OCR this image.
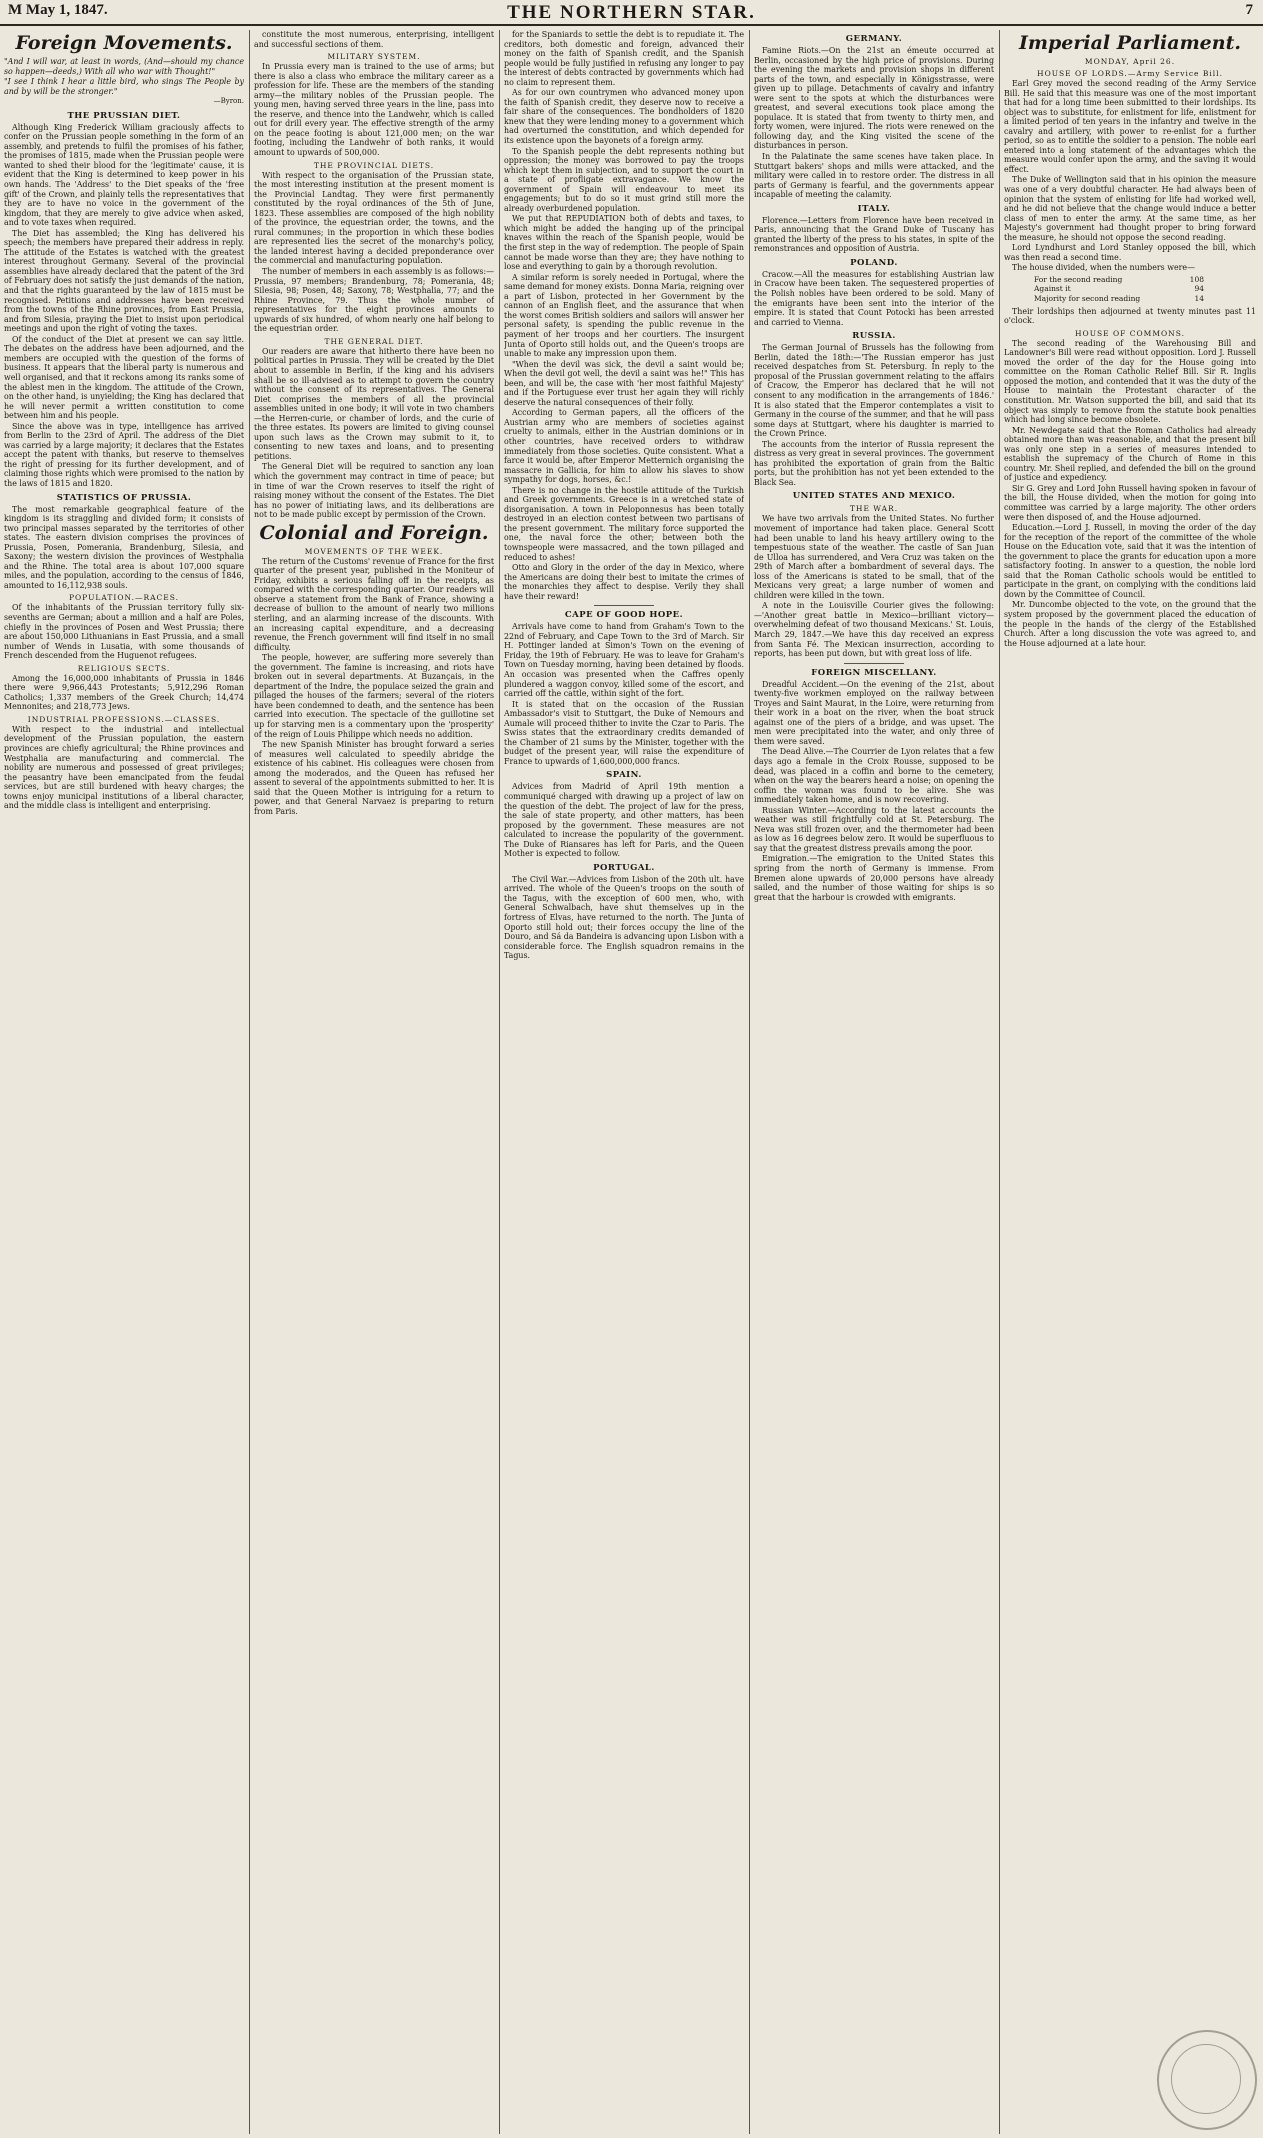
M May 1, 1847.	THE NORTHERN STAR.	7
Foreign Movements.

"And I will war, at least in words, (And—should my chance so happen—deeds,) With all who war with Thought!"

"I see I think I hear a little bird, who sings The People by and by will be the stronger."

—Byron.

THE PRUSSIAN DIET.

Although King Frederick William graciously affects to confer on the Prussian people something in the form of an assembly, and pretends to fulfil the promises of his father, the promises of 1815, made when the Prussian people were wanted to shed their blood for the 'legitimate' cause, it is evident that the King is determined to keep power in his own hands. The 'Address' to the Diet speaks of the 'free gift' of the Crown, and plainly tells the representatives that they are to have no voice in the government of the kingdom, that they are merely to give advice when asked, and to vote taxes when required.

The Diet has assembled; the King has delivered his speech; the members have prepared their address in reply. The attitude of the Estates is watched with the greatest interest throughout Germany. Several of the provincial assemblies have already declared that the patent of the 3rd of February does not satisfy the just demands of the nation, and that the rights guaranteed by the law of 1815 must be recognised. Petitions and addresses have been received from the towns of the Rhine provinces, from East Prussia, and from Silesia, praying the Diet to insist upon periodical meetings and upon the right of voting the taxes.

Of the conduct of the Diet at present we can say little. The debates on the address have been adjourned, and the members are occupied with the question of the forms of business. It appears that the liberal party is numerous and well organised, and that it reckons among its ranks some of the ablest men in the kingdom. The attitude of the Crown, on the other hand, is unyielding; the King has declared that he will never permit a written constitution to come between him and his people.

Since the above was in type, intelligence has arrived from Berlin to the 23rd of April. The address of the Diet was carried by a large majority; it declares that the Estates accept the patent with thanks, but reserve to themselves the right of pressing for its further development, and of claiming those rights which were promised to the nation by the laws of 1815 and 1820.

STATISTICS OF PRUSSIA.

The most remarkable geographical feature of the kingdom is its straggling and divided form; it consists of two principal masses separated by the territories of other states. The eastern division comprises the provinces of Prussia, Posen, Pomerania, Brandenburg, Silesia, and Saxony; the western division the provinces of Westphalia and the Rhine. The total area is about 107,000 square miles, and the population, according to the census of 1846, amounted to 16,112,938 souls.

POPULATION.—RACES.

Of the inhabitants of the Prussian territory fully six-sevenths are German; about a million and a half are Poles, chiefly in the provinces of Posen and West Prussia; there are about 150,000 Lithuanians in East Prussia, and a small number of Wends in Lusatia, with some thousands of French descended from the Huguenot refugees.

RELIGIOUS SECTS.

Among the 16,000,000 inhabitants of Prussia in 1846 there were 9,966,443 Protestants; 5,912,296 Roman Catholics; 1,337 members of the Greek Church; 14,474 Mennonites; and 218,773 Jews.

INDUSTRIAL PROFESSIONS.—CLASSES.

With respect to the industrial and intellectual development of the Prussian population, the eastern provinces are chiefly agricultural; the Rhine provinces and Westphalia are manufacturing and commercial. The nobility are numerous and possessed of great privileges; the peasantry have been emancipated from the feudal services, but are still burdened with heavy charges; the towns enjoy municipal institutions of a liberal character, and the middle class is intelligent and enterprising.

constitute the most numerous, enterprising, intelligent and successful sections of them.

MILITARY SYSTEM.

In Prussia every man is trained to the use of arms; but there is also a class who embrace the military career as a profession for life. These are the members of the standing army—the military nobles of the Prussian people. The young men, having served three years in the line, pass into the reserve, and thence into the Landwehr, which is called out for drill every year. The effective strength of the army on the peace footing is about 121,000 men; on the war footing, including the Landwehr of both ranks, it would amount to upwards of 500,000.

THE PROVINCIAL DIETS.

With respect to the organisation of the Prussian state, the most interesting institution at the present moment is the Provincial Landtag. They were first permanently constituted by the royal ordinances of the 5th of June, 1823. These assemblies are composed of the high nobility of the province, the equestrian order, the towns, and the rural communes; in the proportion in which these bodies are represented lies the secret of the monarchy's policy, the landed interest having a decided preponderance over the commercial and manufacturing population.

The number of members in each assembly is as follows:—Prussia, 97 members; Brandenburg, 78; Pomerania, 48; Silesia, 98; Posen, 48; Saxony, 78; Westphalia, 77; and the Rhine Province, 79. Thus the whole number of representatives for the eight provinces amounts to upwards of six hundred, of whom nearly one half belong to the equestrian order.

THE GENERAL DIET.

Our readers are aware that hitherto there have been no political parties in Prussia. They will be created by the Diet about to assemble in Berlin, if the king and his advisers shall be so ill-advised as to attempt to govern the country without the consent of its representatives. The General Diet comprises the members of all the provincial assemblies united in one body; it will vote in two chambers—the Herren-curie, or chamber of lords, and the curie of the three estates. Its powers are limited to giving counsel upon such laws as the Crown may submit to it, to consenting to new taxes and loans, and to presenting petitions.

The General Diet will be required to sanction any loan which the government may contract in time of peace; but in time of war the Crown reserves to itself the right of raising money without the consent of the Estates. The Diet has no power of initiating laws, and its deliberations are not to be made public except by permission of the Crown.

Colonial and Foreign.
MOVEMENTS OF THE WEEK.

The return of the Customs' revenue of France for the first quarter of the present year, published in the Moniteur of Friday, exhibits a serious falling off in the receipts, as compared with the corresponding quarter. Our readers will observe a statement from the Bank of France, showing a decrease of bullion to the amount of nearly two millions sterling, and an alarming increase of the discounts. With an increasing capital expenditure, and a decreasing revenue, the French government will find itself in no small difficulty.

The people, however, are suffering more severely than the government. The famine is increasing, and riots have broken out in several departments. At Buzançais, in the department of the Indre, the populace seized the grain and pillaged the houses of the farmers; several of the rioters have been condemned to death, and the sentence has been carried into execution. The spectacle of the guillotine set up for starving men is a commentary upon the 'prosperity' of the reign of Louis Philippe which needs no addition.

The new Spanish Minister has brought forward a series of measures well calculated to speedily abridge the existence of his cabinet. His colleagues were chosen from among the moderados, and the Queen has refused her assent to several of the appointments submitted to her. It is said that the Queen Mother is intriguing for a return to power, and that General Narvaez is preparing to return from Paris.

for the Spaniards to settle the debt is to repudiate it. The creditors, both domestic and foreign, advanced their money on the faith of Spanish credit, and the Spanish people would be fully justified in refusing any longer to pay the interest of debts contracted by governments which had no claim to represent them.

As for our own countrymen who advanced money upon the faith of Spanish credit, they deserve now to receive a fair share of the consequences. The bondholders of 1820 knew that they were lending money to a government which had overturned the constitution, and which depended for its existence upon the bayonets of a foreign army.

To the Spanish people the debt represents nothing but oppression; the money was borrowed to pay the troops which kept them in subjection, and to support the court in a state of profligate extravagance. We know the government of Spain will endeavour to meet its engagements; but to do so it must grind still more the already overburdened population.

We put that REPUDIATION both of debts and taxes, to which might be added the hanging up of the principal knaves within the reach of the Spanish people, would be the first step in the way of redemption. The people of Spain cannot be made worse than they are; they have nothing to lose and everything to gain by a thorough revolution.

A similar reform is sorely needed in Portugal, where the same demand for money exists. Donna Maria, reigning over a part of Lisbon, protected in her Government by the cannon of an English fleet, and the assurance that when the worst comes British soldiers and sailors will answer her personal safety, is spending the public revenue in the payment of her troops and her courtiers. The insurgent Junta of Oporto still holds out, and the Queen's troops are unable to make any impression upon them.

"When the devil was sick, the devil a saint would be; When the devil got well, the devil a saint was he!" This has been, and will be, the case with 'her most faithful Majesty' and if the Portuguese ever trust her again they will richly deserve the natural consequences of their folly.

According to German papers, all the officers of the Austrian army who are members of societies against cruelty to animals, either in the Austrian dominions or in other countries, have received orders to withdraw immediately from those societies. Quite consistent. What a farce it would be, after Emperor Metternich organising the massacre in Gallicia, for him to allow his slaves to show sympathy for dogs, horses, &c.!

There is no change in the hostile attitude of the Turkish and Greek governments. Greece is in a wretched state of disorganisation. A town in Peloponnesus has been totally destroyed in an election contest between two partisans of the present government. The military force supported the one, the naval force the other; between both the townspeople were massacred, and the town pillaged and reduced to ashes!

Otto and Glory in the order of the day in Mexico, where the Americans are doing their best to imitate the crimes of the monarchies they affect to despise. Verily they shall have their reward!

CAPE OF GOOD HOPE.

Arrivals have come to hand from Graham's Town to the 22nd of February, and Cape Town to the 3rd of March. Sir H. Pottinger landed at Simon's Town on the evening of Friday, the 19th of February. He was to leave for Graham's Town on Tuesday morning, having been detained by floods. An occasion was presented when the Caffres openly plundered a waggon convoy, killed some of the escort, and carried off the cattle, within sight of the fort.

It is stated that on the occasion of the Russian Ambassador's visit to Stuttgart, the Duke of Nemours and Aumale will proceed thither to invite the Czar to Paris. The Swiss states that the extraordinary credits demanded of the Chamber of 21 sums by the Minister, together with the budget of the present year, will raise the expenditure of France to upwards of 1,600,000,000 francs.

SPAIN.

Advices from Madrid of April 19th mention a communiqué charged with drawing up a project of law on the question of the debt. The project of law for the press, the sale of state property, and other matters, has been proposed by the government. These measures are not calculated to increase the popularity of the government. The Duke of Riansares has left for Paris, and the Queen Mother is expected to follow.

PORTUGAL.

The Civil War.—Advices from Lisbon of the 20th ult. have arrived. The whole of the Queen's troops on the south of the Tagus, with the exception of 600 men, who, with General Schwalbach, have shut themselves up in the fortress of Elvas, have returned to the north. The Junta of Oporto still hold out; their forces occupy the line of the Douro, and Sá da Bandeira is advancing upon Lisbon with a considerable force. The English squadron remains in the Tagus.

GERMANY.

Famine Riots.—On the 21st an émeute occurred at Berlin, occasioned by the high price of provisions. During the evening the markets and provision shops in different parts of the town, and especially in Königsstrasse, were given up to pillage. Detachments of cavalry and infantry were sent to the spots at which the disturbances were greatest, and several executions took place among the populace. It is stated that from twenty to thirty men, and forty women, were injured. The riots were renewed on the following day, and the King visited the scene of the disturbances in person.

In the Palatinate the same scenes have taken place. In Stuttgart bakers' shops and mills were attacked, and the military were called in to restore order. The distress in all parts of Germany is fearful, and the governments appear incapable of meeting the calamity.

ITALY.

Florence.—Letters from Florence have been received in Paris, announcing that the Grand Duke of Tuscany has granted the liberty of the press to his states, in spite of the remonstrances and opposition of Austria.

POLAND.

Cracow.—All the measures for establishing Austrian law in Cracow have been taken. The sequestered properties of the Polish nobles have been ordered to be sold. Many of the emigrants have been sent into the interior of the empire. It is stated that Count Potocki has been arrested and carried to Vienna.

RUSSIA.

The German Journal of Brussels has the following from Berlin, dated the 18th:—'The Russian emperor has just received despatches from St. Petersburg. In reply to the proposal of the Prussian government relating to the affairs of Cracow, the Emperor has declared that he will not consent to any modification in the arrangements of 1846.' It is also stated that the Emperor contemplates a visit to Germany in the course of the summer, and that he will pass some days at Stuttgart, where his daughter is married to the Crown Prince.

The accounts from the interior of Russia represent the distress as very great in several provinces. The government has prohibited the exportation of grain from the Baltic ports, but the prohibition has not yet been extended to the Black Sea.

UNITED STATES AND MEXICO.
THE WAR.

We have two arrivals from the United States. No further movement of importance had taken place. General Scott had been unable to land his heavy artillery owing to the tempestuous state of the weather. The castle of San Juan de Ulloa has surrendered, and Vera Cruz was taken on the 29th of March after a bombardment of several days. The loss of the Americans is stated to be small, that of the Mexicans very great; a large number of women and children were killed in the town.

A note in the Louisville Courier gives the following:—'Another great battle in Mexico—brilliant victory—overwhelming defeat of two thousand Mexicans.' St. Louis, March 29, 1847.—We have this day received an express from Santa Fé. The Mexican insurrection, according to reports, has been put down, but with great loss of life.

FOREIGN MISCELLANY.

Dreadful Accident.—On the evening of the 21st, about twenty-five workmen employed on the railway between Troyes and Saint Maurat, in the Loire, were returning from their work in a boat on the river, when the boat struck against one of the piers of a bridge, and was upset. The men were precipitated into the water, and only three of them were saved.

The Dead Alive.—The Courrier de Lyon relates that a few days ago a female in the Croix Rousse, supposed to be dead, was placed in a coffin and borne to the cemetery, when on the way the bearers heard a noise; on opening the coffin the woman was found to be alive. She was immediately taken home, and is now recovering.

Russian Winter.—According to the latest accounts the weather was still frightfully cold at St. Petersburg. The Neva was still frozen over, and the thermometer had been as low as 16 degrees below zero. It would be superfluous to say that the greatest distress prevails among the poor.

Emigration.—The emigration to the United States this spring from the north of Germany is immense. From Bremen alone upwards of 20,000 persons have already sailed, and the number of those waiting for ships is so great that the harbour is crowded with emigrants.

Imperial Parliament.
MONDAY, April 26.
HOUSE OF LORDS.—Army Service Bill.

Earl Grey moved the second reading of the Army Service Bill. He said that this measure was one of the most important that had for a long time been submitted to their lordships. Its object was to substitute, for enlistment for life, enlistment for a limited period of ten years in the infantry and twelve in the cavalry and artillery, with power to re-enlist for a further period, so as to entitle the soldier to a pension. The noble earl entered into a long statement of the advantages which the measure would confer upon the army, and the saving it would effect.

The Duke of Wellington said that in his opinion the measure was one of a very doubtful character. He had always been of opinion that the system of enlisting for life had worked well, and he did not believe that the change would induce a better class of men to enter the army. At the same time, as her Majesty's government had thought proper to bring forward the measure, he should not oppose the second reading.

Lord Lyndhurst and Lord Stanley opposed the bill, which was then read a second time.

The house divided, when the numbers were—

For the second reading	108
Against it	94
Majority for second reading	14

Their lordships then adjourned at twenty minutes past 11 o'clock.

HOUSE OF COMMONS.

The second reading of the Warehousing Bill and Landowner's Bill were read without opposition. Lord J. Russell moved the order of the day for the House going into committee on the Roman Catholic Relief Bill. Sir R. Inglis opposed the motion, and contended that it was the duty of the House to maintain the Protestant character of the constitution. Mr. Watson supported the bill, and said that its object was simply to remove from the statute book penalties which had long since become obsolete.

Mr. Newdegate said that the Roman Catholics had already obtained more than was reasonable, and that the present bill was only one step in a series of measures intended to establish the supremacy of the Church of Rome in this country. Mr. Sheil replied, and defended the bill on the ground of justice and expediency.

Sir G. Grey and Lord John Russell having spoken in favour of the bill, the House divided, when the motion for going into committee was carried by a large majority. The other orders were then disposed of, and the House adjourned.

Education.—Lord J. Russell, in moving the order of the day for the reception of the report of the committee of the whole House on the Education vote, said that it was the intention of the government to place the grants for education upon a more satisfactory footing. In answer to a question, the noble lord said that the Roman Catholic schools would be entitled to participate in the grant, on complying with the conditions laid down by the Committee of Council.

Mr. Duncombe objected to the vote, on the ground that the system proposed by the government placed the education of the people in the hands of the clergy of the Established Church. After a long discussion the vote was agreed to, and the House adjourned at a late hour.
